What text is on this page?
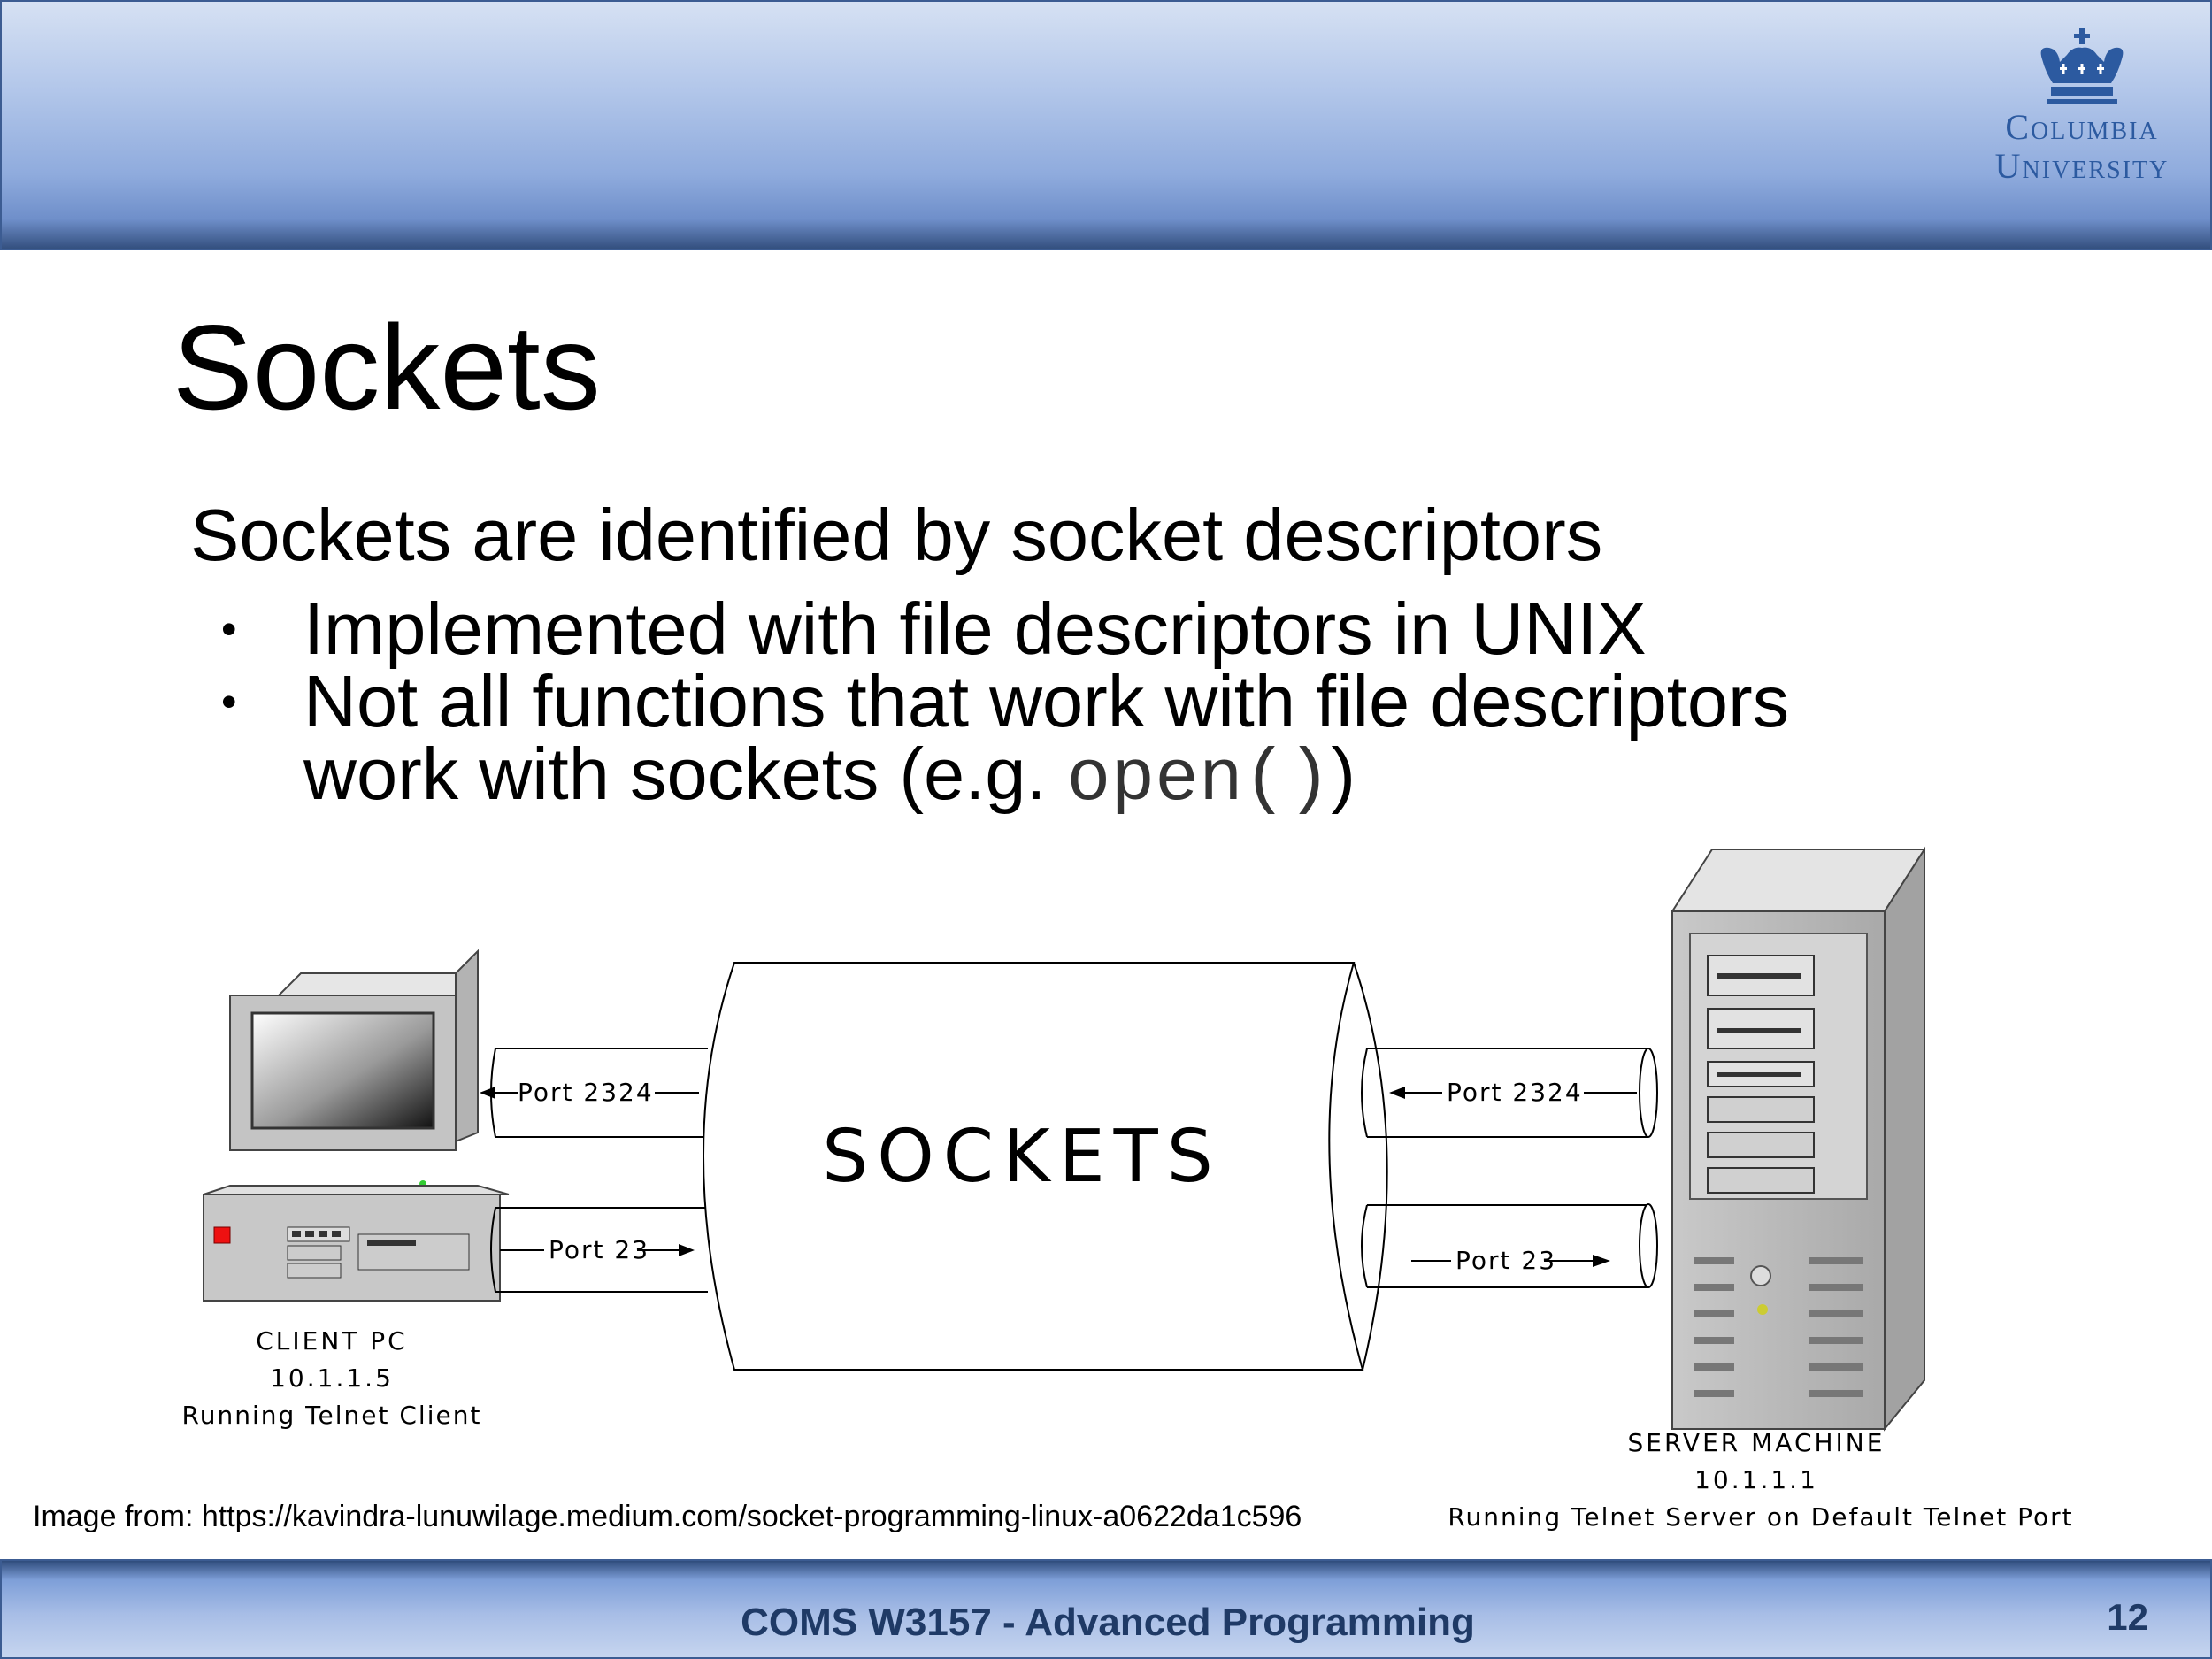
Columbia
University
Sockets
Sockets are identified by socket descriptors
• Implemented with file descriptors in UNIX
• Not all functions that work with file descriptors
work with sockets (e.g. open())
Port 2324
Port 23
SOCKETS
Port 2324
Port 23
CLIENT PC
10.1.1.5
Running Telnet Client
SERVER MACHINE
10.1.1.1
Running Telnet Server on Default Telnet Port
Image from: https://kavindra-lunuwilage.medium.com/socket-programming-linux-a0622da1c596
COMS W3157 - Advanced Programming	12
